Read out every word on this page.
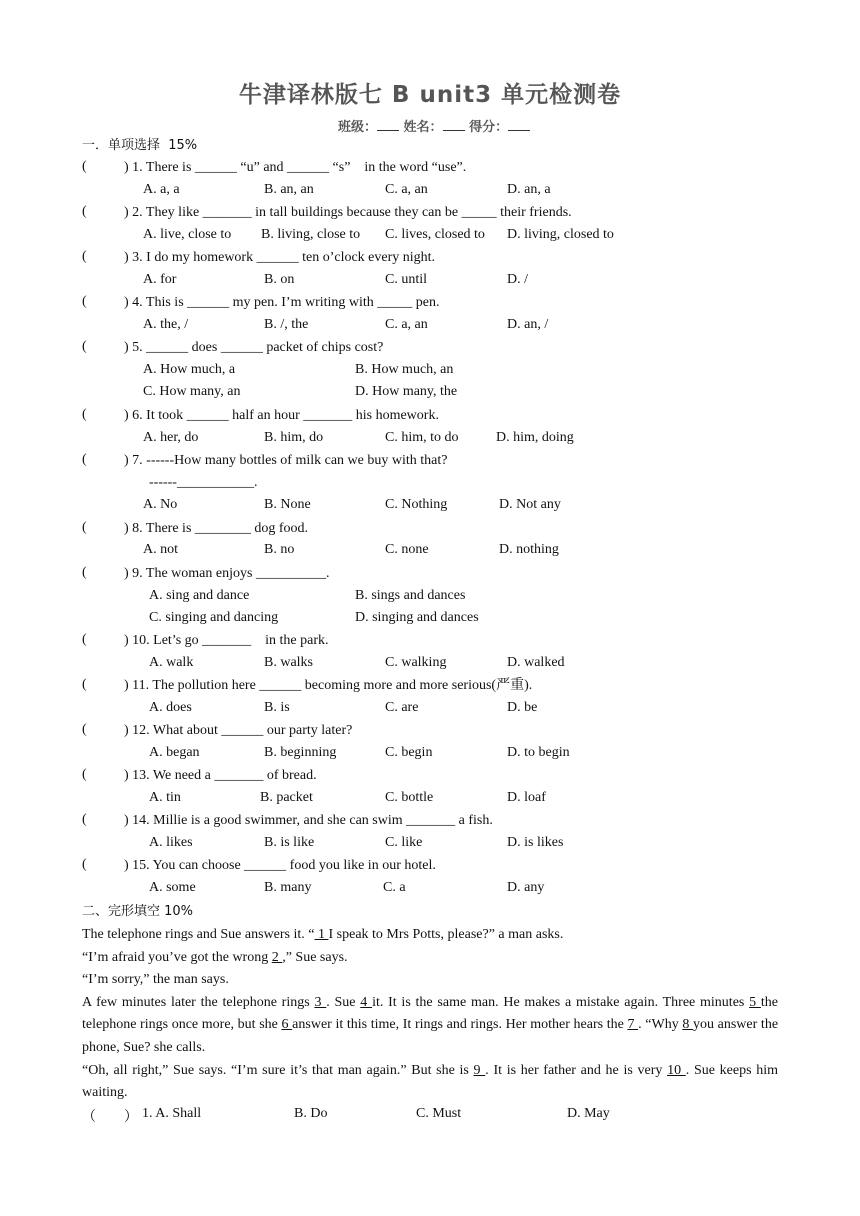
牛津译林版七 B unit3 单元检测卷
班级： 姓名： 得分：
一．单项选择  15%
(	) 1. There is ______ “u” and ______ “s”    in the word “use”.
A. a, a	B. an, an	C. a, an	D. an, a
(	) 2. They like _______ in tall buildings because they can be _____ their friends.
A. live, close to B. living, close to C. lives, closed to D. living, closed to
(	) 3. I do my homework ______ ten o’clock every night.
A. for	B. on	C. until	D. /
(	) 4. This is ______ my pen. I’m writing with _____ pen.
A. the, /	B. /, the	C. a, an	D. an, /
(	) 5. ______ does ______ packet of chips cost?
A. How much, a	B. How much, an
C. How many, an	D. How many, the
(	) 6. It took ______ half an hour _______ his homework.
A. her, do	B. him, do	C. him, to do	D. him, doing
(	) 7. ------How many bottles of milk can we buy with that?
------___________.
A. No	B. None	C. Nothing	D. Not any
(	) 8. There is ________ dog food.
A. not	B. no	C. none	D. nothing
(	) 9. The woman enjoys __________.
A. sing and dance	B. sings and dances
C. singing and dancing	D. singing and dances
(	) 10. Let’s go _______    in the park.
A. walk	B. walks	C. walking	D. walked
(	) 11. The pollution here ______ becoming more and more serious(严重).
A. does	B. is	C. are	D. be
(	) 12. What about ______ our party later?
A. began	B. beginning	C. begin	D. to begin
(	) 13. We need a _______ of bread.
A. tin	B. packet	C. bottle	D. loaf
(	) 14. Millie is a good swimmer, and she can swim _______ a fish.
A. likes	B. is like	C. like	D. is likes
(	) 15. You can choose ______ food you like in our hotel.
A. some	B. many	C. a	D. any
二、完形填空 10%
The telephone rings and Sue answers it. “ 1 I speak to Mrs Potts, please?” a man asks.
“I’m afraid you’ve got the wrong 2 ,” Sue says.
“I’m sorry,” the man says.
A few minutes later the telephone rings 3 . Sue 4 it. It is the same man. He makes a mistake again. Three minutes 5 the telephone rings once more, but she 6 answer it this time, It rings and rings. Her mother hears the 7 . “Why 8 you answer the phone, Sue? she calls.
“Oh, all right,” Sue says. “I’m sure it’s that man again.” But she is 9 . It is her father and he is very 10 . Sue keeps him waiting.
（        ） 1. A. Shall	B. Do	C. Must	D. May
